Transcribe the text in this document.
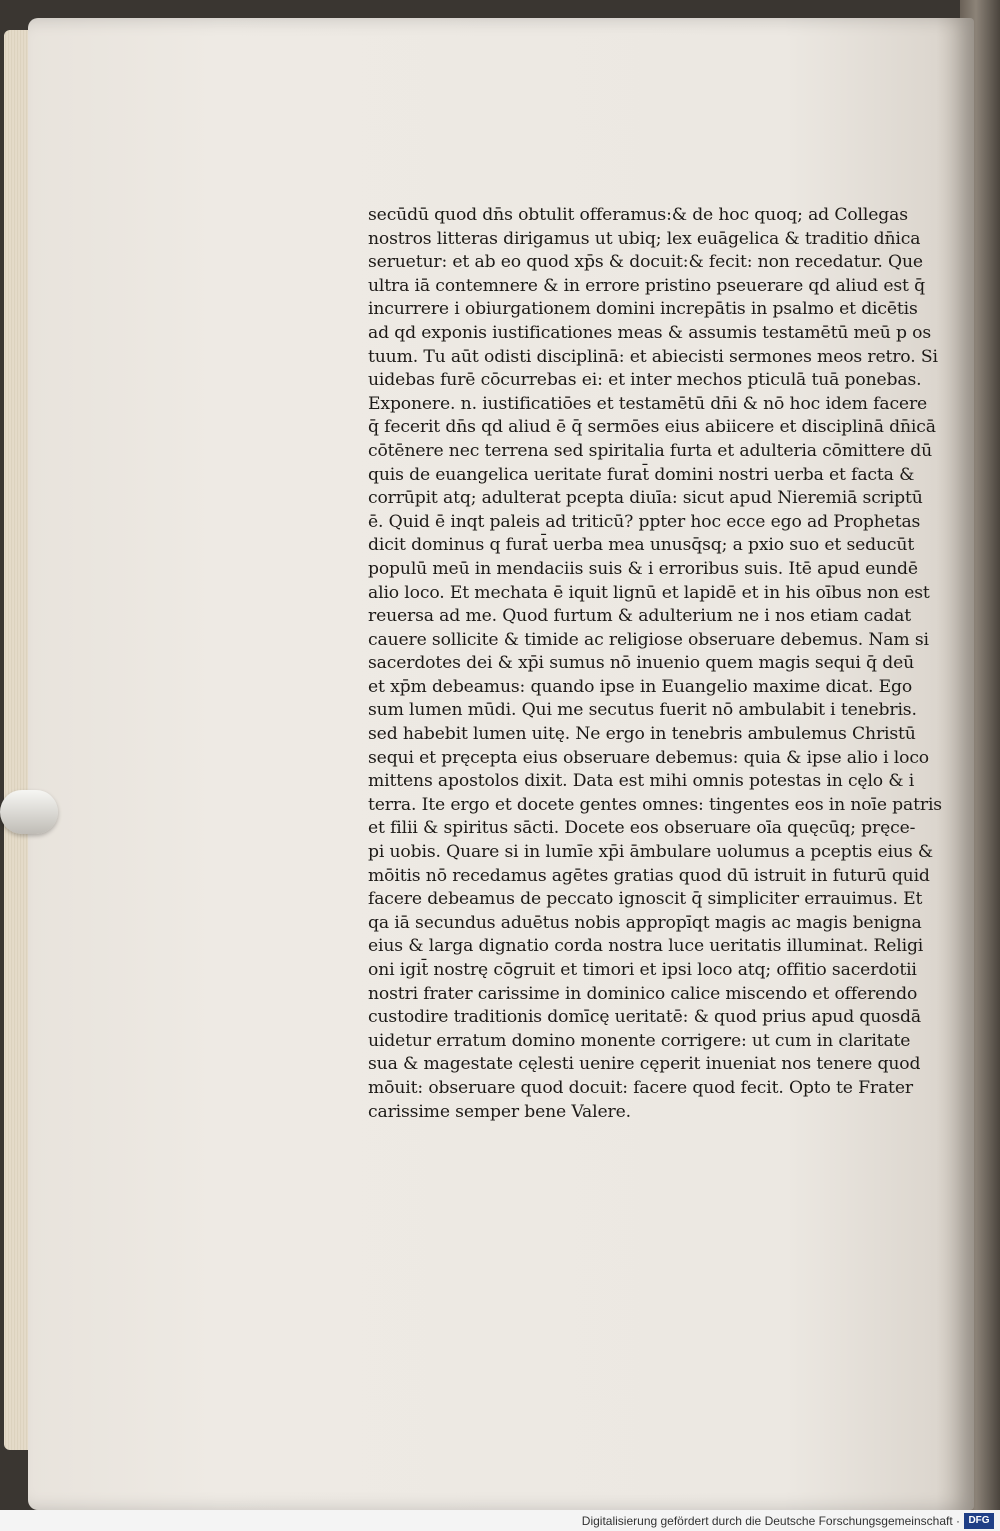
secūdū quod dn̄s obtulit offeramus:& de hoc quoq; ad Collegas
nostros litteras dirigamus ut ubiq; lex euāgelica & traditio dn̄ica
seruetur: et ab eo quod xp̄s & docuit:& fecit: non recedatur. Que
ultra iā contemnere & in errore pristino pseuerare qd aliud est q̄
incurrere i obiurgationem domini increpātis in psalmo et dicētis
ad qd exponis iustificationes meas & assumis testamētū meū p os
tuum. Tu aūt odisti disciplinā: et abiecisti sermones meos retro. Si
uidebas furē cōcurrebas ei: et inter mechos pticulā tuā ponebas.
Exponere. n. iustificatiōes et testamētū dn̄i & nō hoc idem facere
q̄ fecerit dn̄s qd aliud ē q̄ sermōes eius abiicere et disciplinā dn̄icā
cōtēnere nec terrena sed spiritalia furta et adulteria cōmittere dū
quis de euangelica ueritate furat̄ domini nostri uerba et facta &
corrūpit atq; adulterat pcepta diuīa: sicut apud Nieremiā scriptū
ē. Quid ē inqt paleis ad triticū? ppter hoc ecce ego ad Prophetas
dicit dominus q furat̄ uerba mea unusq̄sq; a pxio suo et seducūt
populū meū in mendaciis suis & i erroribus suis. Itē apud eundē
alio loco. Et mechata ē iquit lignū et lapidē et in his oībus non est
reuersa ad me. Quod furtum & adulterium ne i nos etiam cadat
cauere sollicite & timide ac religiose obseruare debemus. Nam si
sacerdotes dei & xp̄i sumus nō inuenio quem magis sequi q̄ deū
et xp̄m debeamus: quando ipse in Euangelio maxime dicat. Ego
sum lumen mūdi. Qui me secutus fuerit nō ambulabit i tenebris.
sed habebit lumen uitę. Ne ergo in tenebris ambulemus Christū
sequi et pręcepta eius obseruare debemus: quia & ipse alio i loco
mittens apostolos dixit. Data est mihi omnis potestas in cęlo & i
terra. Ite ergo et docete gentes omnes: tingentes eos in noīe patris
et filii & spiritus sācti. Docete eos obseruare oīa quęcūq; pręce-
pi uobis. Quare si in lumīe xp̄i āmbulare uolumus a pceptis eius &
mōitis nō recedamus agētes gratias quod dū istruit in futurū quid
facere debeamus de peccato ignoscit q̄ simpliciter errauimus. Et
qa iā secundus aduētus nobis appropīqt magis ac magis benigna
eius & larga dignatio corda nostra luce ueritatis illuminat. Religi
oni igit̄ nostrę cōgruit et timori et ipsi loco atq; offitio sacerdotii
nostri frater carissime in dominico calice miscendo et offerendo
custodire traditionis domīcę ueritatē: & quod prius apud quosdā
uidetur erratum domino monente corrigere: ut cum in claritate
sua & magestate cęlesti uenire cęperit inueniat nos tenere quod
mōuit: obseruare quod docuit: facere quod fecit. Opto te Frater
carissime semper bene Valere.
Digitalisierung gefördert durch die Deutsche Forschungsgemeinschaft · DFG
